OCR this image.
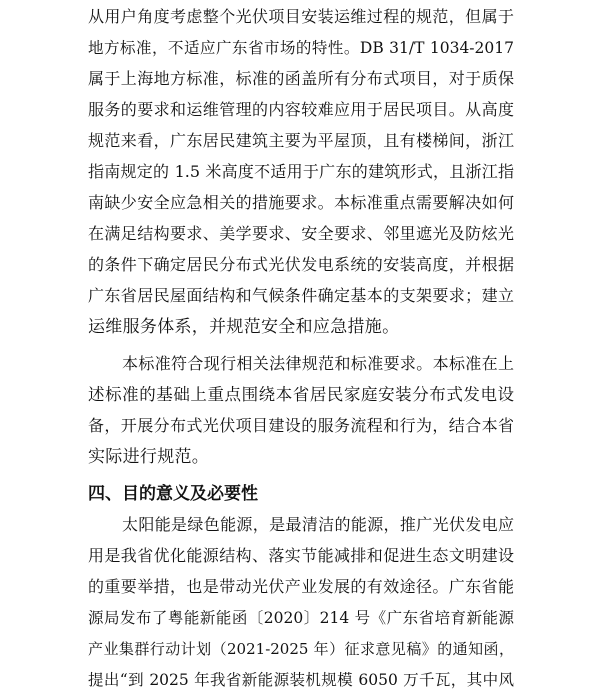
从用户角度考虑整个光伏项目安装运维过程的规范，但属于
地方标准，不适应广东省市场的特性。DB 31/T 1034-2017
属于上海地方标准，标准的函盖所有分布式项目，对于质保
服务的要求和运维管理的内容较难应用于居民项目。从高度
规范来看，广东居民建筑主要为平屋顶，且有楼梯间，浙江
指南规定的 1.5 米高度不适用于广东的建筑形式，且浙江指
南缺少安全应急相关的措施要求。本标准重点需要解决如何
在满足结构要求、美学要求、安全要求、邻里遮光及防炫光
的条件下确定居民分布式光伏发电系统的安装高度，并根据
广东省居民屋面结构和气候条件确定基本的支架要求；建立
运维服务体系，并规范安全和应急措施。
本标准符合现行相关法律规范和标准要求。本标准在上
述标准的基础上重点围绕本省居民家庭安装分布式发电设
备，开展分布式光伏项目建设的服务流程和行为，结合本省
实际进行规范。
四、目的意义及必要性
太阳能是绿色能源，是最清洁的能源，推广光伏发电应
用是我省优化能源结构、落实节能减排和促进生态文明建设
的重要举措，也是带动光伏产业发展的有效途径。广东省能
源局发布了粤能新能函〔2020〕214 号《广东省培育新能源
产业集群行动计划（2021-2025 年）征求意见稿》的通知函，
提出“到 2025 年我省新能源装机规模 6050 万千瓦，其中风
